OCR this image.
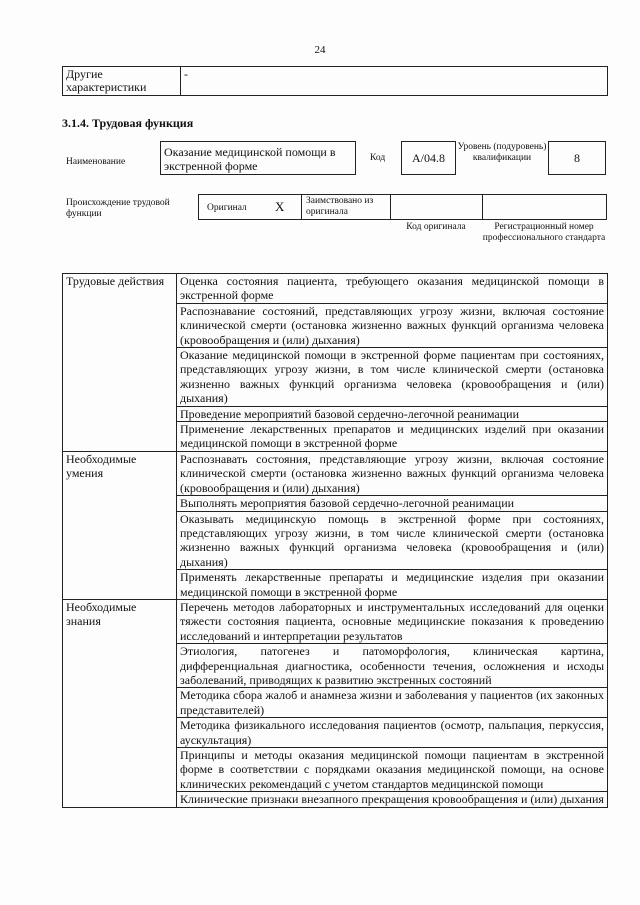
24
Другие характеристики	-
3.1.4. Трудовая функция
Наименование
Оказание медицинской помощи в экстренной форме
Код	А/04.8
Уровень (подуровень) квалификации	8
Происхождение трудовой функции
Оригинал X Заимствовано из оригинала
Код оригинала	Регистрационный номер профессионального стандарта
Трудовые действия	Оценка состояния пациента, требующего оказания медицинской помощи в экстренной форме
	Распознавание состояний, представляющих угрозу жизни, включая состояние клинической смерти (остановка жизненно важных функций организма человека (кровообращения и (или) дыхания)
	Оказание медицинской помощи в экстренной форме пациентам при состояниях, представляющих угрозу жизни, в том числе клинической смерти (остановка жизненно важных функций организма человека (кровообращения и (или) дыхания)
	Проведение мероприятий базовой сердечно-легочной реанимации
	Применение лекарственных препаратов и медицинских изделий при оказании медицинской помощи в экстренной форме
Необходимые умения	Распознавать состояния, представляющие угрозу жизни, включая состояние клинической смерти (остановка жизненно важных функций организма человека (кровообращения и (или) дыхания)
	Выполнять мероприятия базовой сердечно-легочной реанимации
	Оказывать медицинскую помощь в экстренной форме при состояниях, представляющих угрозу жизни, в том числе клинической смерти (остановка жизненно важных функций организма человека (кровообращения и (или) дыхания)
	Применять лекарственные препараты и медицинские изделия при оказании медицинской помощи в экстренной форме
Необходимые знания	Перечень методов лабораторных и инструментальных исследований для оценки тяжести состояния пациента, основные медицинские показания к проведению исследований и интерпретации результатов
	Этиология, патогенез и патоморфология, клиническая картина, дифференциальная диагностика, особенности течения, осложнения и исходы заболеваний, приводящих к развитию экстренных состояний
	Методика сбора жалоб и анамнеза жизни и заболевания у пациентов (их законных представителей)
	Методика физикального исследования пациентов (осмотр, пальпация, перкуссия, аускультация)
	Принципы и методы оказания медицинской помощи пациентам в экстренной форме в соответствии с порядками оказания медицинской помощи, на основе клинических рекомендаций с учетом стандартов медицинской помощи
	Клинические признаки внезапного прекращения кровообращения и (или) дыхания
